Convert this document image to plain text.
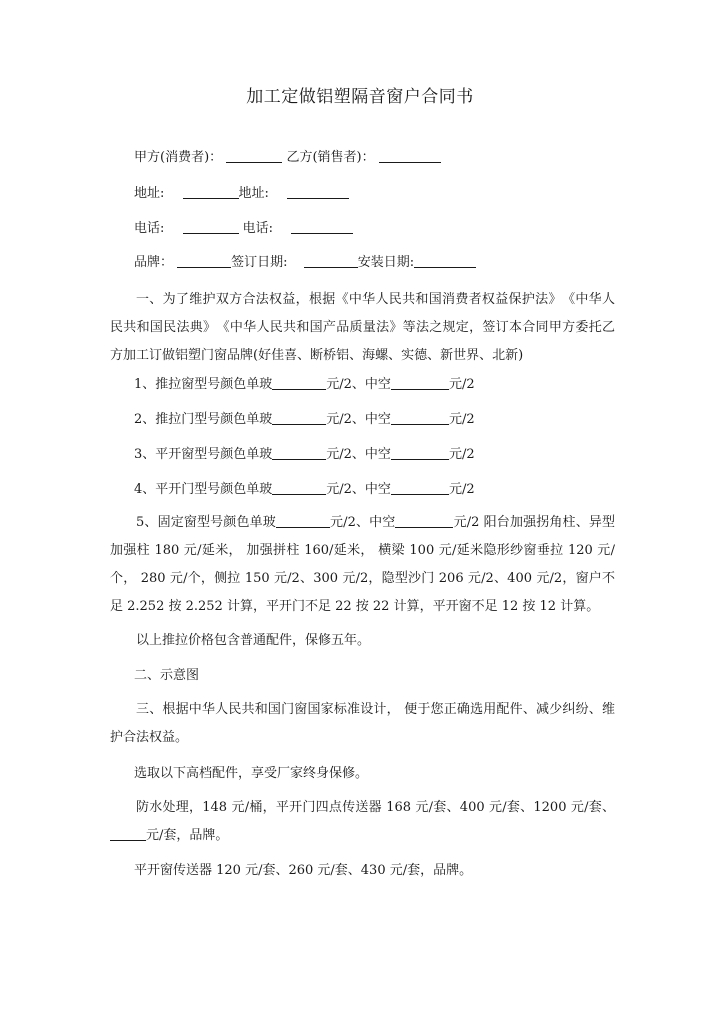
加工定做铝塑隔音窗户合同书
甲方(消费者)：	乙方(销售者)：
地址:	地址:
电话:	电话:
品牌：	签订日期:	安装日期:
一、为了维护双方合法权益，根据《中华人民共和国消费者权益保护法》　《中华人民共和国民法典》　《中华人民共和国产品质量法》等法之规定，签订本合同甲方委托乙方加工订做铝塑门窗品牌(好佳喜、断桥铝、海螺、实德、新世界、北新)
1、推拉窗型号颜色单玻	元/2、中空	元/2
2、推拉门型号颜色单玻	元/2、中空	元/2
3、平开窗型号颜色单玻	元/2、中空	元/2
4、平开门型号颜色单玻	元/2、中空	元/2
5、固定窗型号颜色单玻	元/2、中空	元/2 阳台加强拐角柱、异型加强柱 180 元/延米， 加强拼柱 160/延米， 横梁 100 元/延米隐形纱窗垂拉 120 元/个， 280 元/个，侧拉 150 元/2、300 元/2，隐型沙门 206 元/2、400 元/2，窗户不足 2.252 按 2.252 计算，平开门不足 22 按 22 计算，平开窗不足 12 按 12 计算。
以上推拉价格包含普通配件，保修五年。
二、示意图
三、根据中华人民共和国门窗国家标准设计， 便于您正确选用配件、减少纠纷、维护合法权益。
选取以下高档配件，享受厂家终身保修。
防水处理，148 元/桶，平开门四点传送器 168 元/套、400 元/套、1200 元/套、元/套，品牌。
平开窗传送器 120 元/套、260 元/套、430 元/套，品牌。
